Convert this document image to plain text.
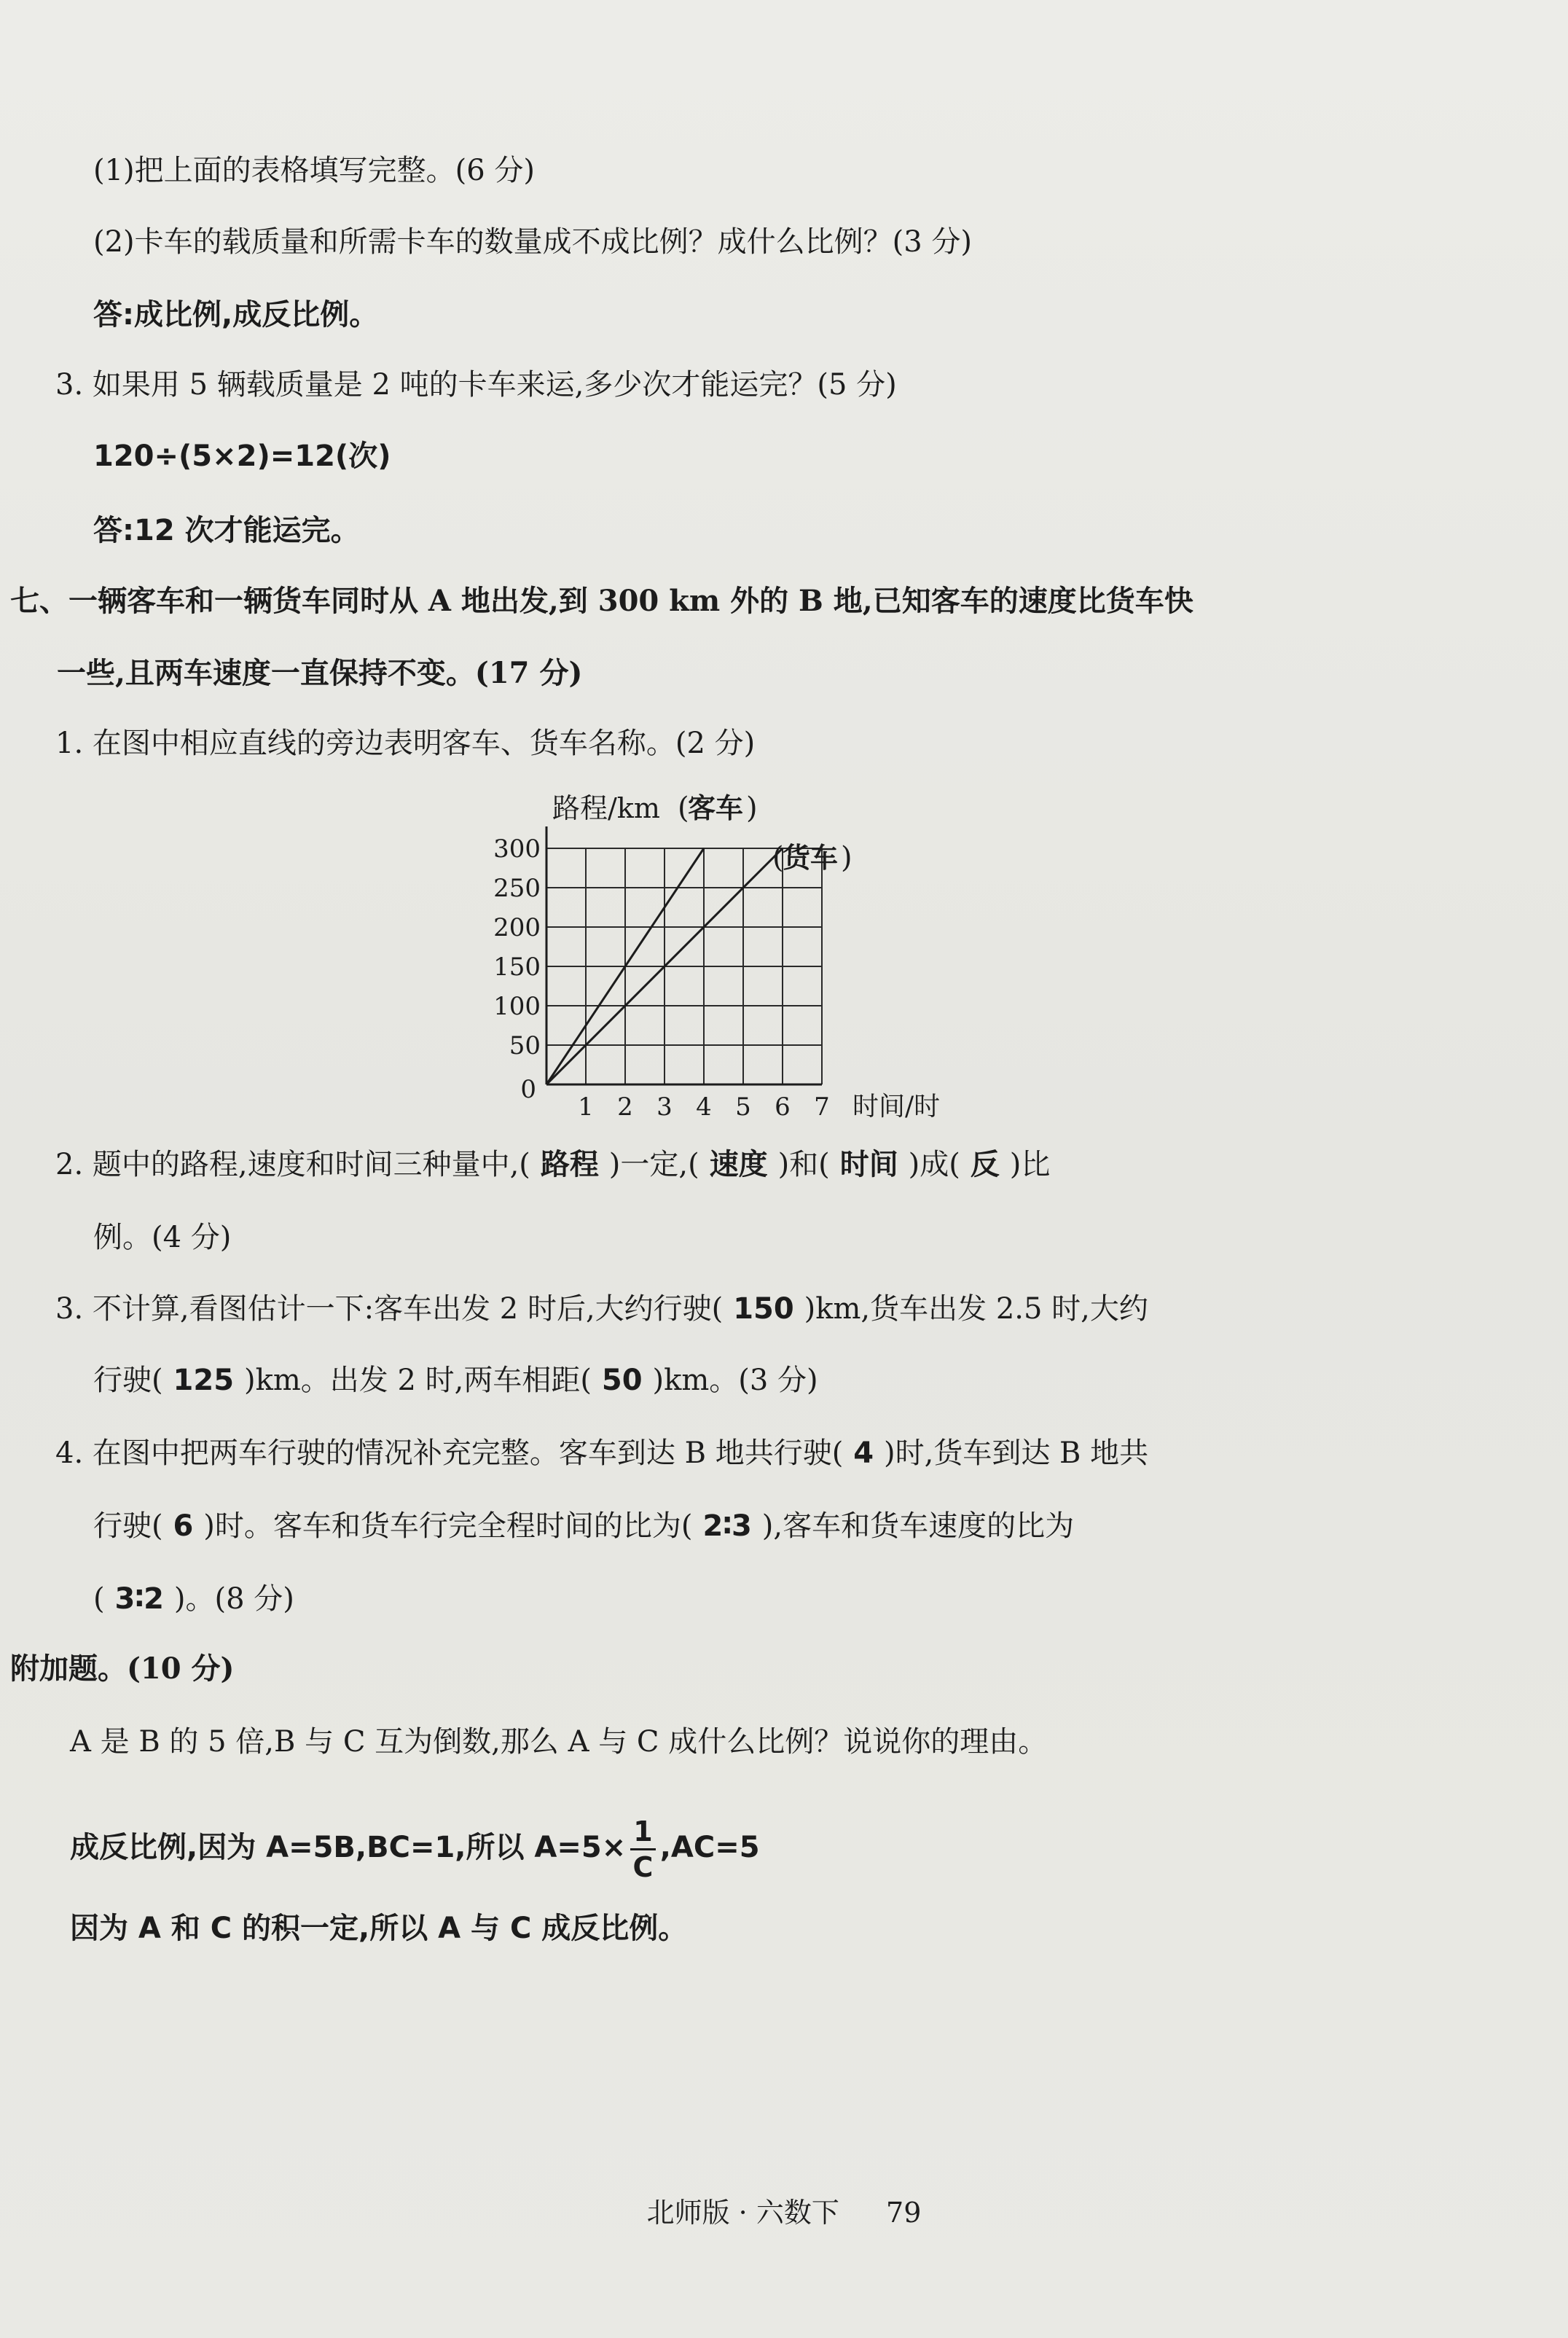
(1)把上面的表格填写完整。(6 分)
(2)卡车的载质量和所需卡车的数量成不成比例？成什么比例？(3 分)
答:成比例,成反比例。
3. 如果用 5 辆载质量是 2 吨的卡车来运,多少次才能运完？(5 分)
120÷(5×2)=12(次)
答:12 次才能运完。
七、一辆客车和一辆货车同时从 A 地出发,到 300 km 外的 B 地,已知客车的速度比货车快
一些,且两车速度一直保持不变。(17 分)
1. 在图中相应直线的旁边表明客车、货车名称。(2 分)
1 2 3 4 5 6 7
50
100
150
200
250
300
0
路程/km
时间/时
(
客车 )
(
货车 )
2. 题中的路程,速度和时间三种量中,( 路程 )一定,( 速度 )和( 时间 )成( 反 )比
例。(4 分)
3. 不计算,看图估计一下:客车出发 2 时后,大约行驶( 150 )km,货车出发 2.5 时,大约
行驶( 125 )km。出发 2 时,两车相距( 50 )km。(3 分)
4. 在图中把两车行驶的情况补充完整。客车到达 B 地共行驶( 4 )时,货车到达 B 地共
行驶( 6 )时。客车和货车行完全程时间的比为( 2∶3 ),客车和货车速度的比为
( 3∶2 )。(8 分)
附加题。(10 分)
A 是 B 的 5 倍,B 与 C 互为倒数,那么 A 与 C 成什么比例？说说你的理由。
成反比例,因为 A=5B,BC=1,所以 $A=5\times \frac{1}{C} ,AC=5$
因为 A 和 C 的积一定,所以 A 与 C 成反比例。
北师版 · 六数下 79
